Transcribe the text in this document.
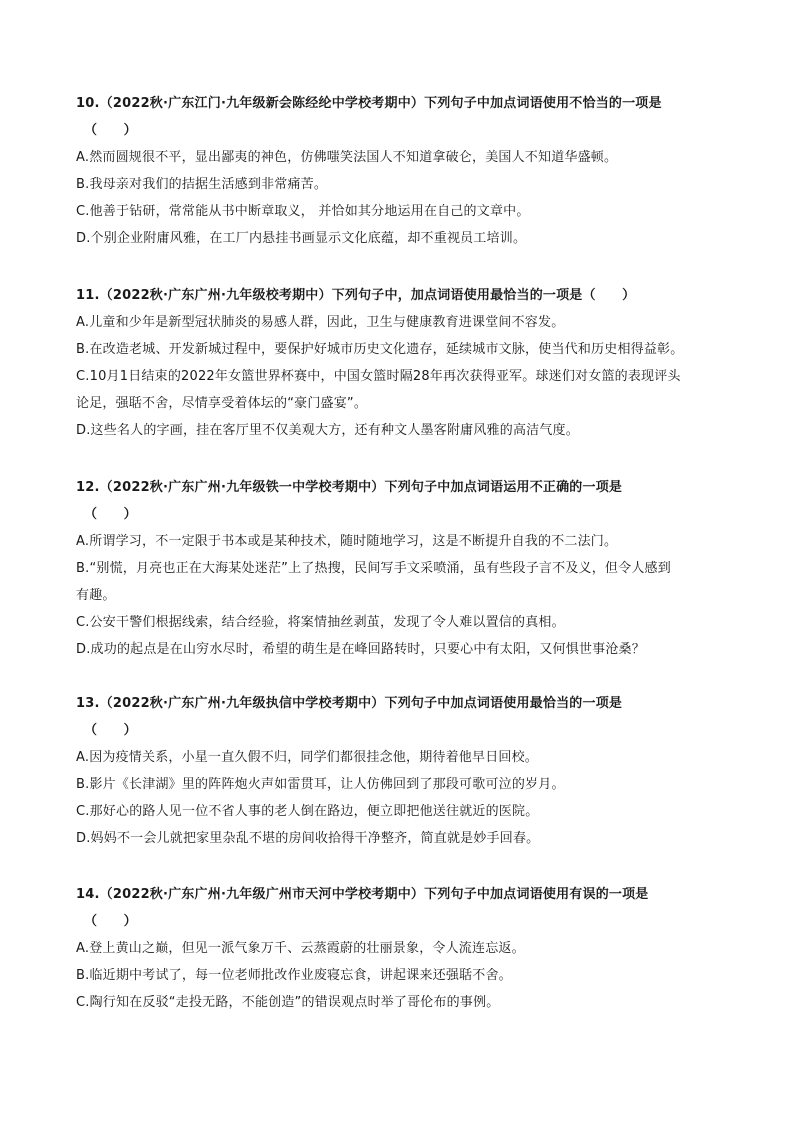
10.（2022秋·广东江门·九年级新会陈经纶中学校考期中）下列句子中加点词语使用不恰当的一项是
（　　）
A.然而圆规很不平，显出鄙夷的神色，仿佛嗤笑法国人不知道拿破仑，美国人不知道华盛顿。
B.我母亲对我们的拮据生活感到非常痛苦。
C.他善于钻研，常常能从书中断章取义， 并恰如其分地运用在自己的文章中。
D.个别企业附庸风雅，在工厂内悬挂书画显示文化底蕴，却不重视员工培训。
11.（2022秋·广东广州·九年级校考期中）下列句子中，加点词语使用最恰当的一项是（　　）
A.儿童和少年是新型冠状肺炎的易感人群，因此，卫生与健康教育进课堂间不容发。
B.在改造老城、开发新城过程中，要保护好城市历史文化遗存，延续城市文脉，使当代和历史相得益彰。
C.10月1日结束的2022年女篮世界杯赛中，中国女篮时隔28年再次获得亚军。球迷们对女篮的表现评头
论足，强聒不舍，尽情享受着体坛的“豪门盛宴”。
D.这些名人的字画，挂在客厅里不仅美观大方，还有种文人墨客附庸风雅的高洁气度。
12.（2022秋·广东广州·九年级铁一中学校考期中）下列句子中加点词语运用不正确的一项是
（　　）
A.所谓学习，不一定限于书本或是某种技术，随时随地学习，这是不断提升自我的不二法门。
B.“别慌，月亮也正在大海某处迷茫”上了热搜，民间写手文采喷涌，虽有些段子言不及义，但令人感到
有趣。
C.公安干警们根据线索，结合经验，将案情抽丝剥茧，发现了令人难以置信的真相。
D.成功的起点是在山穷水尽时，希望的萌生是在峰回路转时，只要心中有太阳，又何惧世事沧桑？
13.（2022秋·广东广州·九年级执信中学校考期中）下列句子中加点词语使用最恰当的一项是
（　　）
A.因为疫情关系，小星一直久假不归，同学们都很挂念他，期待着他早日回校。
B.影片《长津湖》里的阵阵炮火声如雷贯耳，让人仿佛回到了那段可歌可泣的岁月。
C.那好心的路人见一位不省人事的老人倒在路边，便立即把他送往就近的医院。
D.妈妈不一会儿就把家里杂乱不堪的房间收拾得干净整齐，简直就是妙手回春。
14.（2022秋·广东广州·九年级广州市天河中学校考期中）下列句子中加点词语使用有误的一项是
（　　）
A.登上黄山之巅，但见一派气象万千、云蒸霞蔚的壮丽景象，令人流连忘返。
B.临近期中考试了，每一位老师批改作业废寝忘食，讲起课来还强聒不舍。
C.陶行知在反驳“走投无路，不能创造”的错误观点时举了哥伦布的事例。
